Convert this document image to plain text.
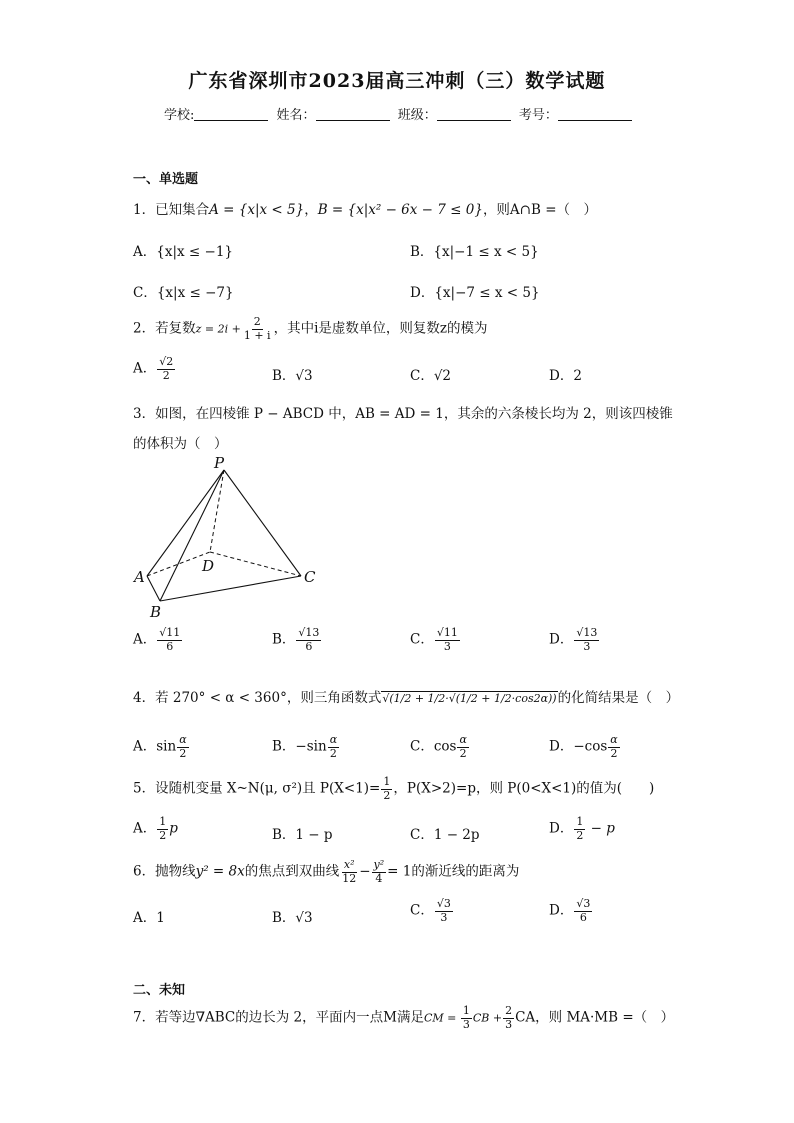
广东省深圳市2023届高三冲刺（三）数学试题
学校:	姓名：	班级：	考号：
一、单选题
1．已知集合A = {x|x < 5}，B = {x|x² − 6x − 7 ≤ 0}，则A∩B =（　）
A．{x|x ≤ −1}	B．{x|−1 ≤ x < 5}
C．{x|x ≤ −7}	D．{x|−7 ≤ x < 5}
2．若复数$z = 2i + \frac{2}{1 + i}$ ，其中i是虚数单位，则复数z的模为
A． $\frac{√2}{2}$	B．√3	C．√2	D．2
3．如图，在四棱锥 P − ABCD 中，AB = AD = 1，其余的六条棱长均为 2，则该四棱锥
的体积为（　）
P
A
B
C
D
A． $\frac{√11}{6}$	B． $\frac{√13}{6}$	C． $\frac{√11}{3}$	D． $\frac{√13}{3}$
4．若 270° < α < 360°，则三角函数式√(1/2 + 1/2·√(1/2 + 1/2·cos2α))的化简结果是（　）
A．$\sin \frac{\alpha}{2}$	B．$-\sin \frac{\alpha}{2}$	C．$\cos \frac{\alpha}{2}$	D．$-\cos \frac{\alpha}{2}$
5．设随机变量 X~N(μ, σ²)且 $P(X<1)= \frac{1}{2}$ ，P(X>2)=p，则 P(0<X<1)的值为(　　)
A． $\frac{1}{2}$ p	B．1 − p	C．1 − 2p	D． $\frac{1}{2} - p$
6．抛物线y² = 8x的焦点到双曲线 $\frac{\text{x²}}{12} - \frac{\text{y²}}{4} = 1$的渐近线的距离为
A．1	B．√3	C． $\frac{√3}{3}$	D． $\frac{√3}{6}$
二、未知
7．若等边∇ABC的边长为 2，平面内一点M满足CM = $\frac{1}{3}$ CB + $\frac{2}{3}$ CA，则 MA·MB =（　）
